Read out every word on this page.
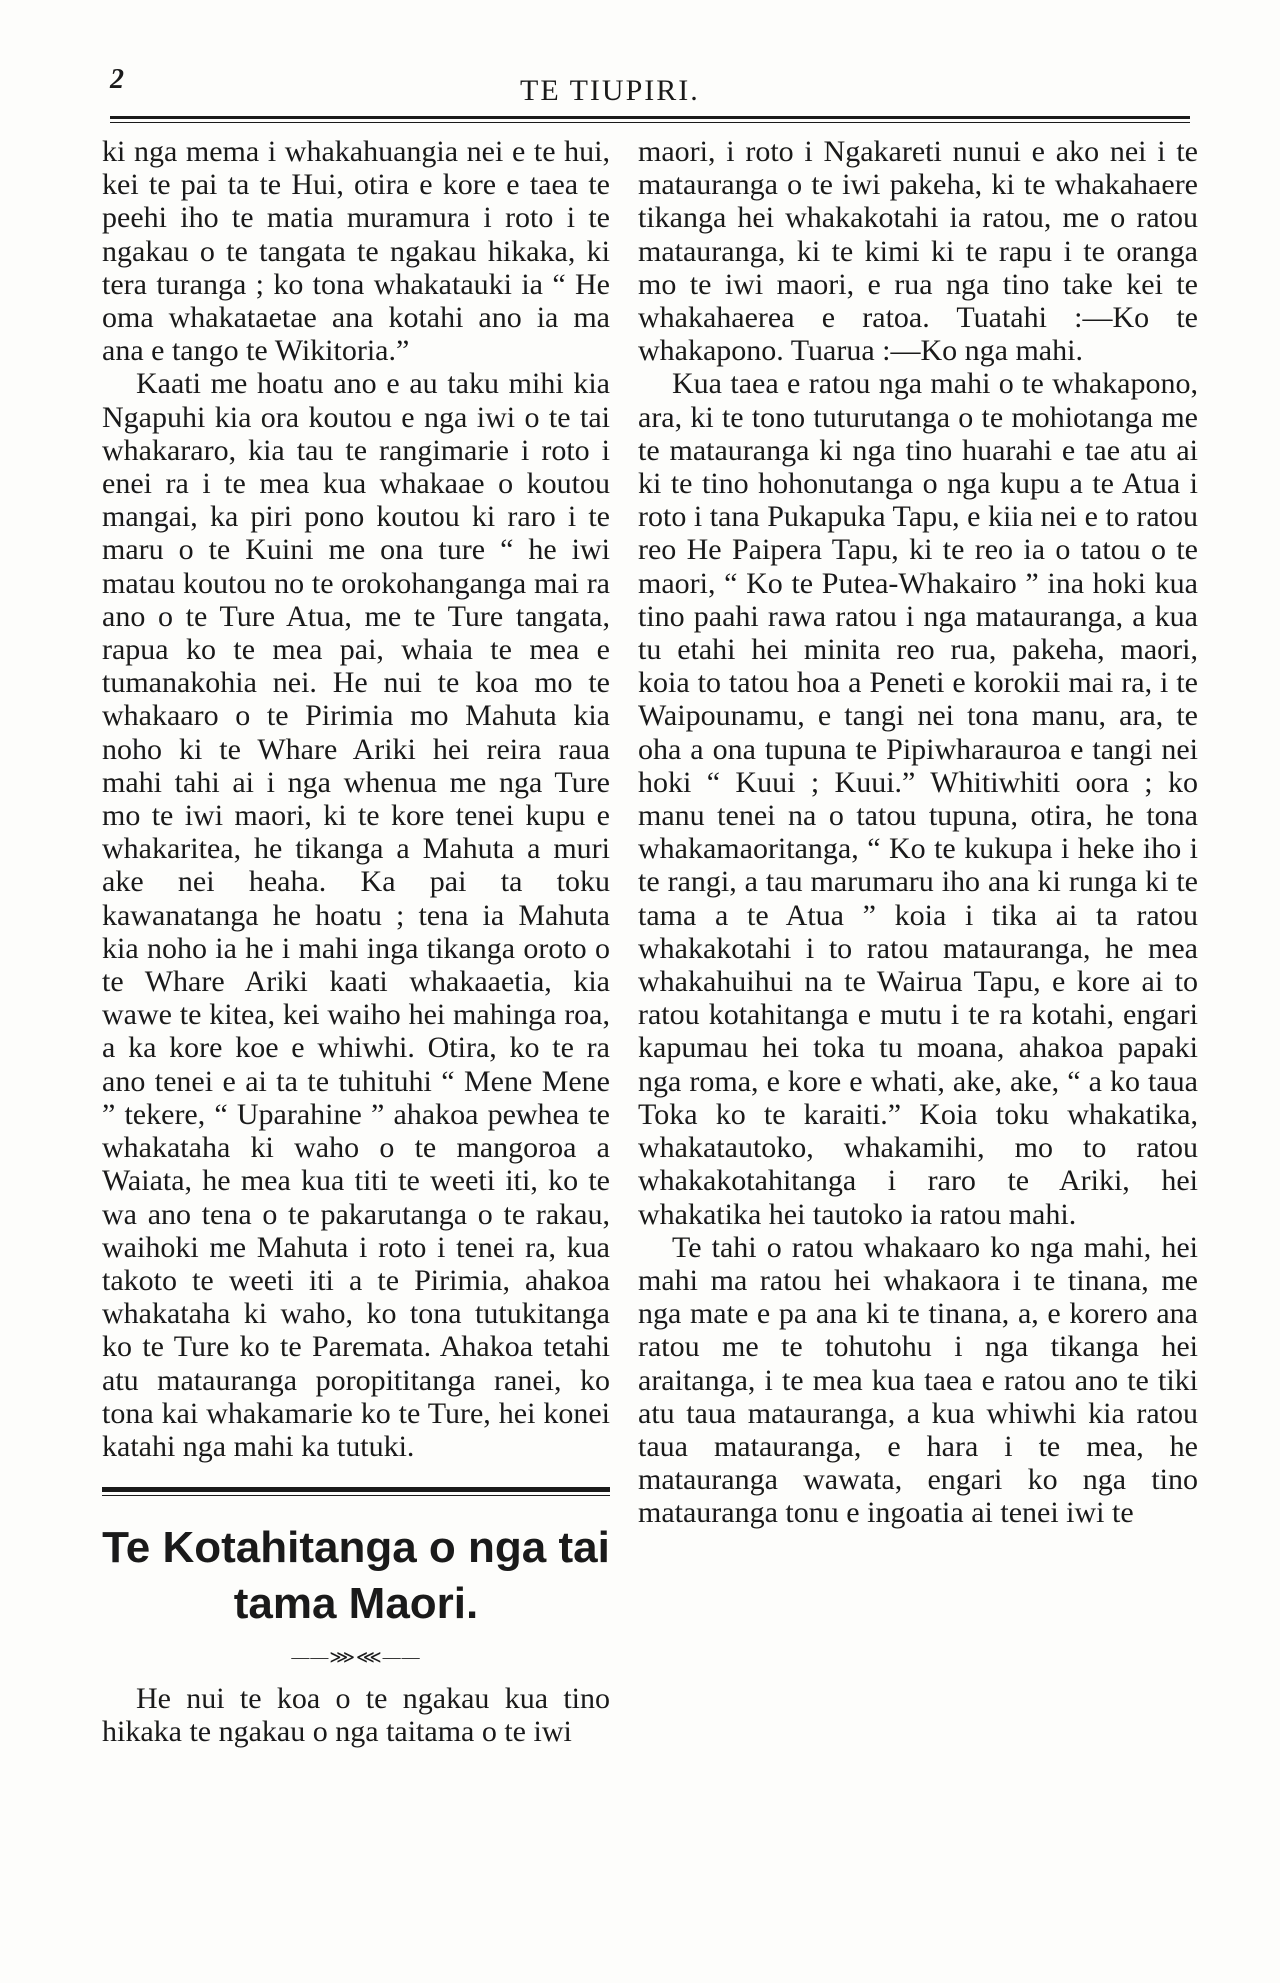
2	TE TIUPIRI.

ki nga mema i whakahuangia nei e te hui, kei te pai ta te Hui, otira e kore e taea te peehi iho te matia muramura i roto i te ngakau o te tangata te ngakau hikaka, ki tera turanga ; ko tona whakatauki ia “ He oma whakataetae ana kotahi ano ia ma ana e tango te Wikitoria.”

Kaati me hoatu ano e au taku mihi kia Ngapuhi kia ora koutou e nga iwi o te tai whakararo, kia tau te rangimarie i roto i enei ra i te mea kua whakaae o koutou mangai, ka piri pono koutou ki raro i te maru o te Kuini me ona ture “ he iwi matau koutou no te orokohanganga mai ra ano o te Ture Atua, me te Ture tangata, rapua ko te mea pai, whaia te mea e tumanakohia nei. He nui te koa mo te whakaaro o te Pirimia mo Mahuta kia noho ki te Whare Ariki hei reira raua mahi tahi ai i nga whenua me nga Ture mo te iwi maori, ki te kore tenei kupu e whakaritea, he tikanga a Mahuta a muri ake nei heaha. Ka pai ta toku kawanatanga he hoatu ; tena ia Mahuta kia noho ia he i mahi inga tikanga oroto o te Whare Ariki kaati whakaaetia, kia wawe te kitea, kei waiho hei mahinga roa, a ka kore koe e whiwhi. Otira, ko te ra ano tenei e ai ta te tuhituhi “ Mene Mene ” tekere, “ Uparahine ” ahakoa pewhea te whakataha ki waho o te mangoroa a Waiata, he mea kua titi te weeti iti, ko te wa ano tena o te pakarutanga o te rakau, waihoki me Mahuta i roto i tenei ra, kua takoto te weeti iti a te Pirimia, ahakoa whakataha ki waho, ko tona tutukitanga ko te Ture ko te Paremata. Ahakoa tetahi atu matauranga poropititanga ranei, ko tona kai whakamarie ko te Ture, hei konei katahi nga mahi ka tutuki.

Te Kotahitanga o nga tai tama Maori.
——⋙⋘——

He nui te koa o te ngakau kua tino hikaka te ngakau o nga taitama o te iwi

maori, i roto i Ngakareti nunui e ako nei i te matauranga o te iwi pakeha, ki te whakahaere tikanga hei whakakotahi ia ratou, me o ratou matauranga, ki te kimi ki te rapu i te oranga mo te iwi maori, e rua nga tino take kei te whakahaerea e ratoa. Tuatahi :—Ko te whakapono. Tuarua :—Ko nga mahi.

Kua taea e ratou nga mahi o te whakapono, ara, ki te tono tuturutanga o te mohiotanga me te matauranga ki nga tino huarahi e tae atu ai ki te tino hohonutanga o nga kupu a te Atua i roto i tana Pukapuka Tapu, e kiia nei e to ratou reo He Paipera Tapu, ki te reo ia o tatou o te maori, “ Ko te Putea-Whakairo ” ina hoki kua tino paahi rawa ratou i nga matauranga, a kua tu etahi hei minita reo rua, pakeha, maori, koia to tatou hoa a Peneti e korokii mai ra, i te Waipounamu, e tangi nei tona manu, ara, te oha a ona tupuna te Pipiwharauroa e tangi nei hoki “ Kuui ; Kuui.” Whitiwhiti oora ; ko manu tenei na o tatou tupuna, otira, he tona whakamaoritanga, “ Ko te kukupa i heke iho i te rangi, a tau marumaru iho ana ki runga ki te tama a te Atua ” koia i tika ai ta ratou whakakotahi i to ratou matauranga, he mea whakahuihui na te Wairua Tapu, e kore ai to ratou kotahitanga e mutu i te ra kotahi, engari kapumau hei toka tu moana, ahakoa papaki nga roma, e kore e whati, ake, ake, “ a ko taua Toka ko te karaiti.” Koia toku whakatika, whakatautoko, whakamihi, mo to ratou whakakotahitanga i raro te Ariki, hei whakatika hei tautoko ia ratou mahi.

Te tahi o ratou whakaaro ko nga mahi, hei mahi ma ratou hei whakaora i te tinana, me nga mate e pa ana ki te tinana, a, e korero ana ratou me te tohutohu i nga tikanga hei araitanga, i te mea kua taea e ratou ano te tiki atu taua matauranga, a kua whiwhi kia ratou taua matauranga, e hara i te mea, he matauranga wawata, engari ko nga tino matauranga tonu e ingoatia ai tenei iwi te
